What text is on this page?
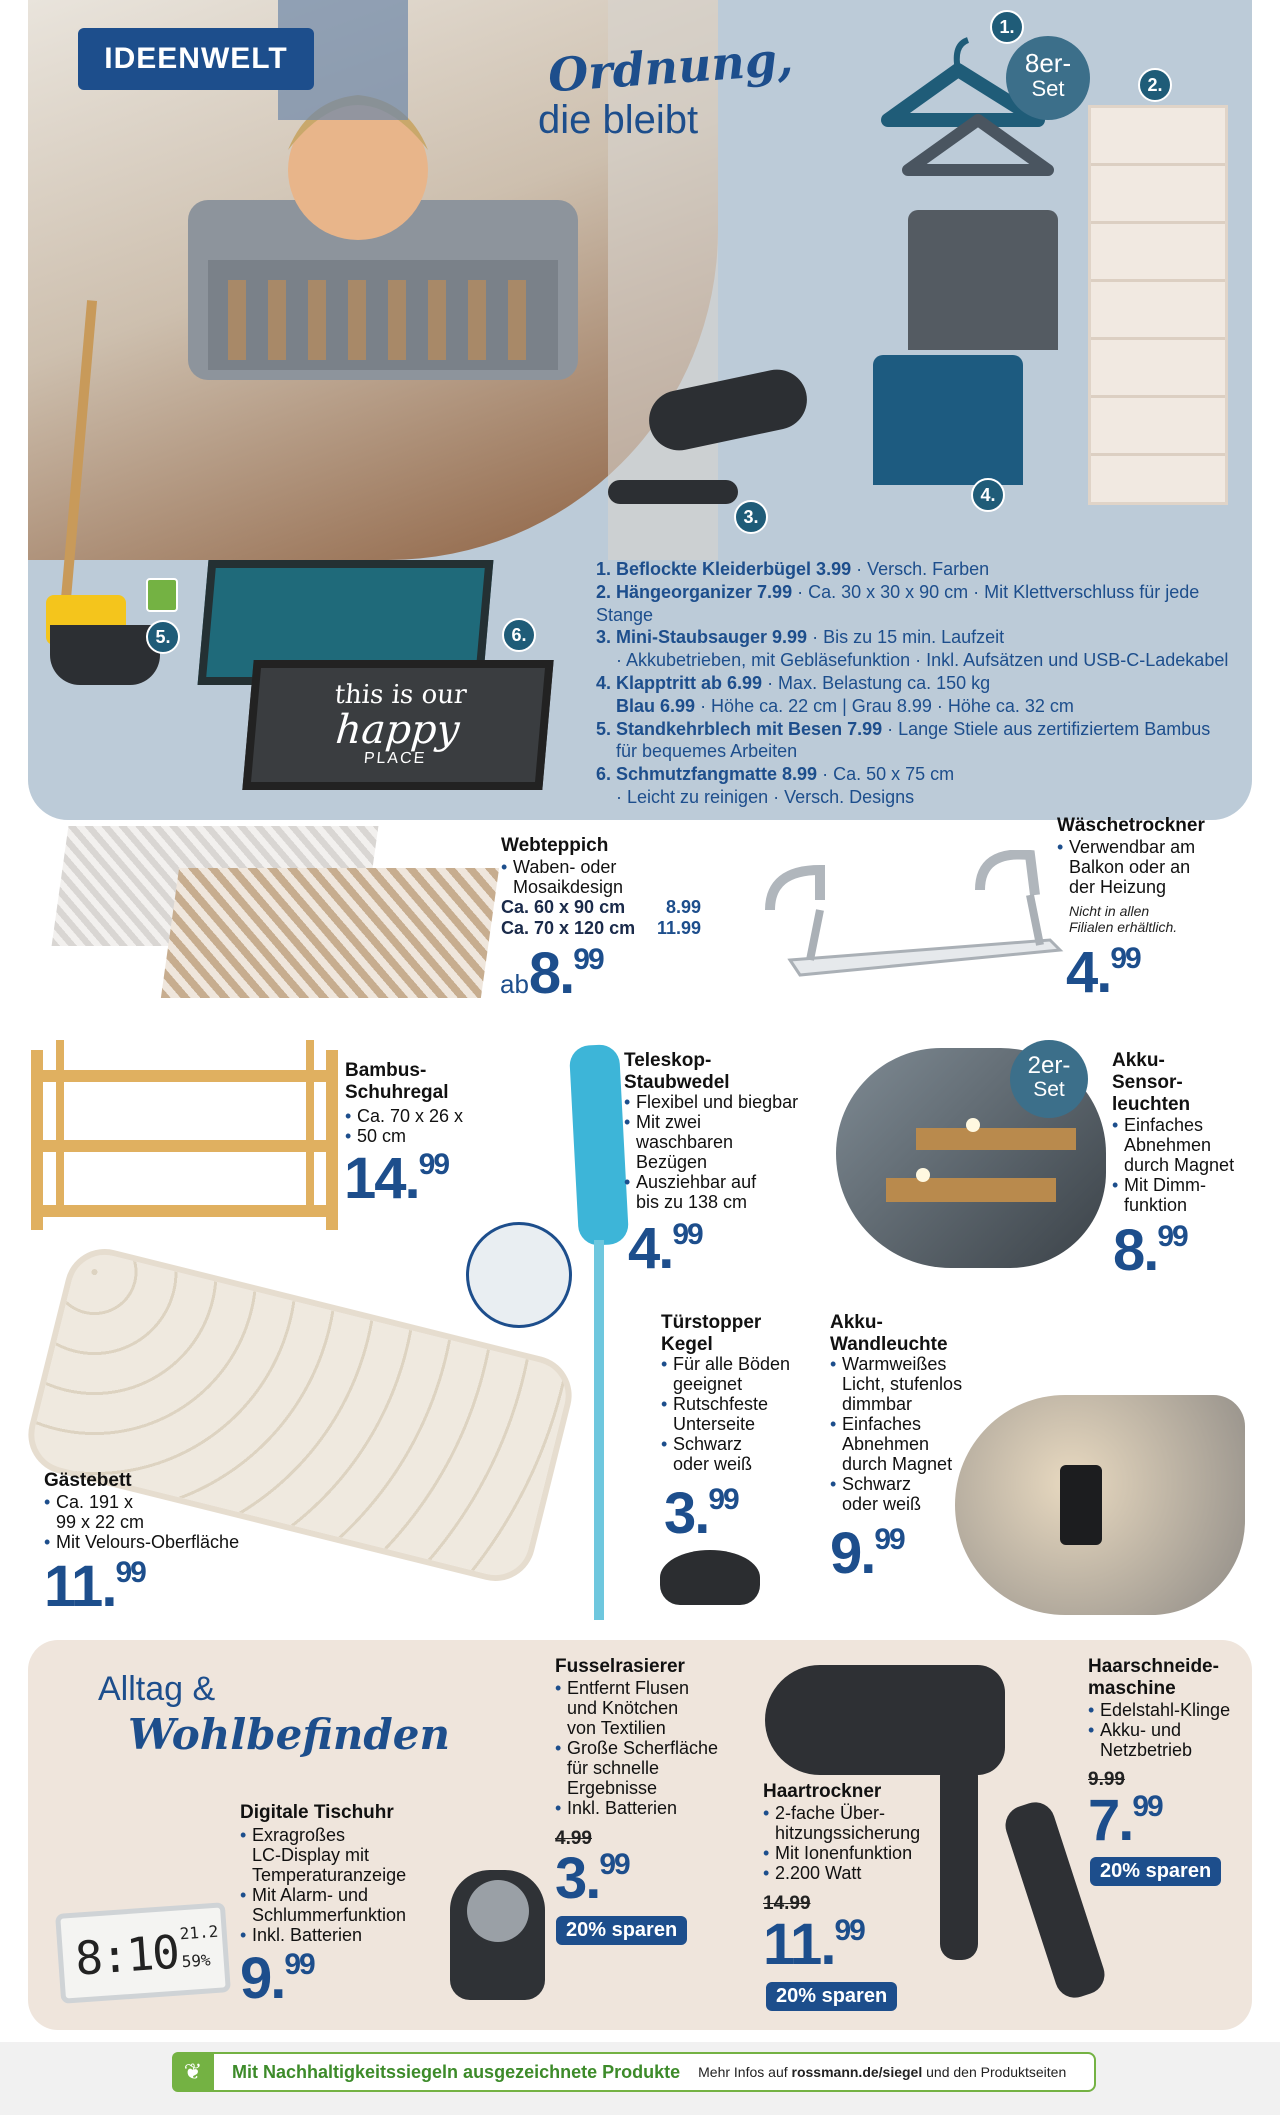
IDEENWELT	Ordnung,
die bleibt
8er-
Set
this is our
happy
PLACE
1.
2.
3.
4.
5.	6.
1. Beflockte Kleiderbügel 3.99 · Versch. Farben
2. Hängeorganizer 7.99 · Ca. 30 x 30 x 90 cm · Mit Klettverschluss für jede Stange
3. Mini-Staubsauger 9.99 · Bis zu 15 min. Laufzeit
· Akkubetrieben, mit Gebläsefunktion · Inkl. Aufsätzen und USB-C-Ladekabel
4. Klapptritt ab 6.99 · Max. Belastung ca. 150 kg
Blau 6.99 · Höhe ca. 22 cm | Grau 8.99 · Höhe ca. 32 cm
5. Standkehrblech mit Besen 7.99 · Lange Stiele aus zertifiziertem Bambus
für bequemes Arbeiten
6. Schmutzfangmatte 8.99 · Ca. 50 x 75 cm
· Leicht zu reinigen · Versch. Designs
Webteppich
• Waben- oder
Mosaikdesign
Ca. 60 x 90 cm 8.99
Ca. 70 x 120 cm 11.99
ab8.99
Wäschetrockner
• Verwendbar am
Balkon oder an
der Heizung
Nicht in allen
Filialen erhältlich.
4.99
Bambus-
Schuhregal
• Ca. 70 x 26 x
• 50 cm
14.99
Teleskop-
Staubwedel
• Flexibel und biegbar
• Mit zwei
waschbaren
Bezügen
• Ausziehbar auf
bis zu 138 cm
4.99
2er-
Set
Akku-
Sensor-
leuchten
• Einfaches
Abnehmen
durch Magnet
• Mit Dimm-
funktion
8.99
Gästebett
• Ca. 191 x
99 x 22 cm
• Mit Velours-Oberfläche
11.99
Türstopper
Kegel
• Für alle Böden
geeignet
• Rutschfeste
Unterseite
• Schwarz
oder weiß
3.99
Akku-
Wandleuchte
• Warmweißes
Licht, stufenlos
dimmbar
• Einfaches
Abnehmen
durch Magnet
• Schwarz
oder weiß
9.99
Alltag &
Wohlbefinden
Digitale Tischuhr
• Exragroßes
LC-Display mit
Temperaturanzeige
• Mit Alarm- und
Schlummerfunktion
• Inkl. Batterien
9.99
8:10 21.2
59%
Fusselrasierer
• Entfernt Flusen
und Knötchen
von Textilien
• Große Scherfläche
für schnelle
Ergebnisse
• Inkl. Batterien
4.99
3.99
20% sparen
Haartrockner
• 2-fache Über-
hitzungssicherung
• Mit Ionenfunktion
• 2.200 Watt
14.99
11.99
20% sparen
Haarschneide-
maschine
• Edelstahl-Klinge
• Akku- und
Netzbetrieb
9.99
7.99
20% sparen
❦	Mit Nachhaltigkeitssiegeln ausgezeichnete Produkte Mehr Infos auf rossmann.de/siegel und den Produktseiten
